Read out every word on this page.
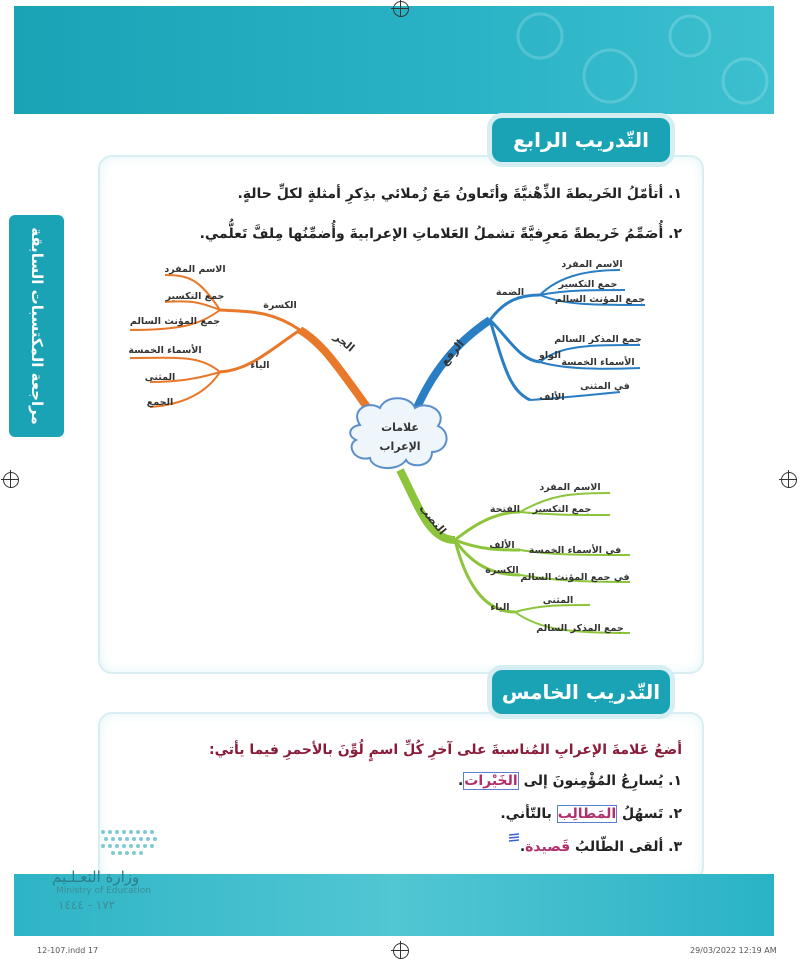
مراجعة المكتسبات السابقة
التّدريب الرابع
١. أتأمّلُ الخَريطةَ الذِّهْنيَّةَ وأتَعاونُ مَعَ زُملائي بذِكرِ أمثلةٍ لكلِّ حالةٍ.
٢. أُصَمِّمُ خَريطةً مَعرِفيَّةً تشملُ العَلاماتِ الإعرابيةَ وأُضمِّنُها مِلفَّ تَعلُّمي.
علامات
الإعراب
الجر
الكسرة
الاسم المفرد
جمع التكسير
جمع المؤنث السالم
الياء
الأسماء الخمسة
المثنى
الجمع
الرفع
الضمة
الاسم المفرد
جمع التكسير
جمع المؤنث السالم
الواو
جمع المذكر السالم
الأسماء الخمسة
الألف
في المثنى
النصب	الفتحة
الاسم المفرد
جمع التكسير
الألف في الأسماء الخمسة
الكسرة
في جمع المؤنث السالم
الياء
المثنى
جمع المذكر السالم
التّدريب الخامس
أضعُ عَلامةَ الإعرابِ المُناسبةَ على آخرِ كُلِّ اسمٍ لُوِّنَ بالأحمرِ فيما يأتي:
١. يُسارِعُ المُؤْمِنونَ إلى الخَيْرات.
٢. تَسهُلُ المَطالِب بالتّأني.
٣. ألقى الطّالبُ قَصيدة.
وزارة التعـلـيم
Ministry of Education
١٧٢ - ١٤٤٤
12-107.indd 17	29/03/2022 12:19 AM
